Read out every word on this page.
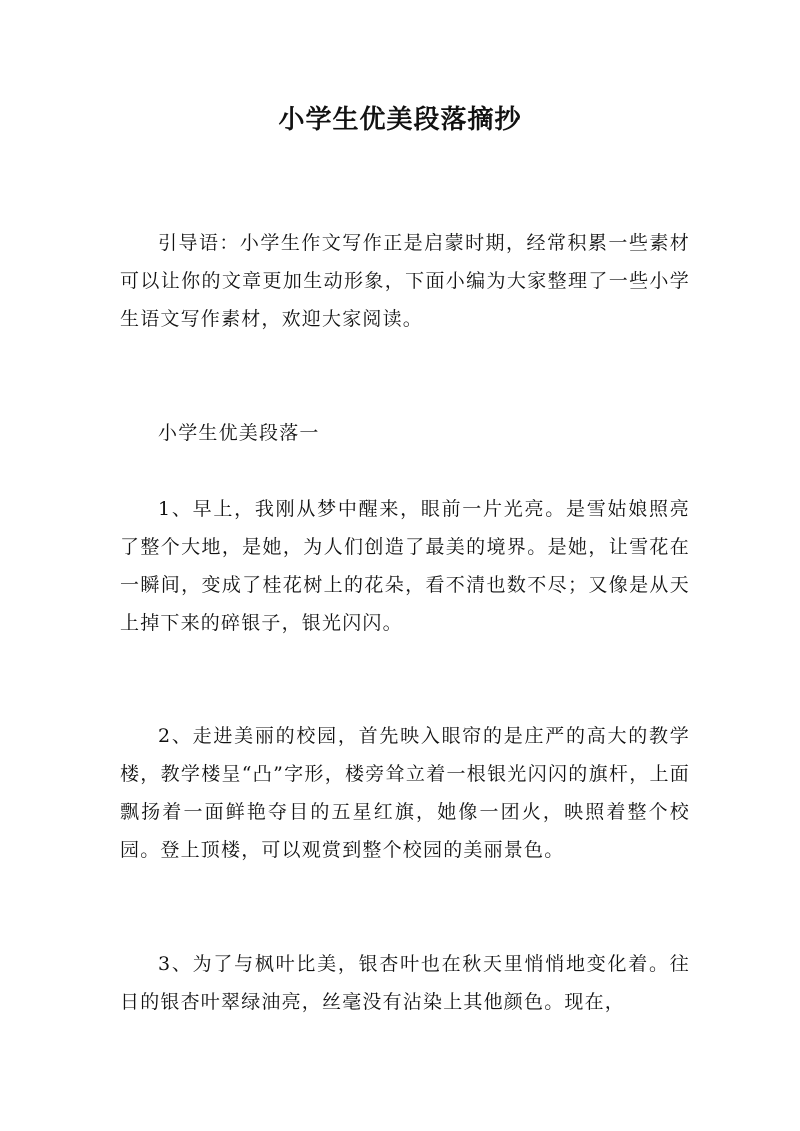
小学生优美段落摘抄

引导语：小学生作文写作正是启蒙时期，经常积累一些素材可以让你的文章更加生动形象，下面小编为大家整理了一些小学生语文写作素材，欢迎大家阅读。

小学生优美段落一

1、早上，我刚从梦中醒来，眼前一片光亮。是雪姑娘照亮了整个大地，是她，为人们创造了最美的境界。是她，让雪花在一瞬间，变成了桂花树上的花朵，看不清也数不尽；又像是从天上掉下来的碎银子，银光闪闪。

2、走进美丽的校园，首先映入眼帘的是庄严的高大的教学楼，教学楼呈“凸”字形，楼旁耸立着一根银光闪闪的旗杆，上面飘扬着一面鲜艳夺目的五星红旗，她像一团火，映照着整个校园。登上顶楼，可以观赏到整个校园的美丽景色。

3、为了与枫叶比美，银杏叶也在秋天里悄悄地变化着。往日的银杏叶翠绿油亮，丝毫没有沾染上其他颜色。现在，
